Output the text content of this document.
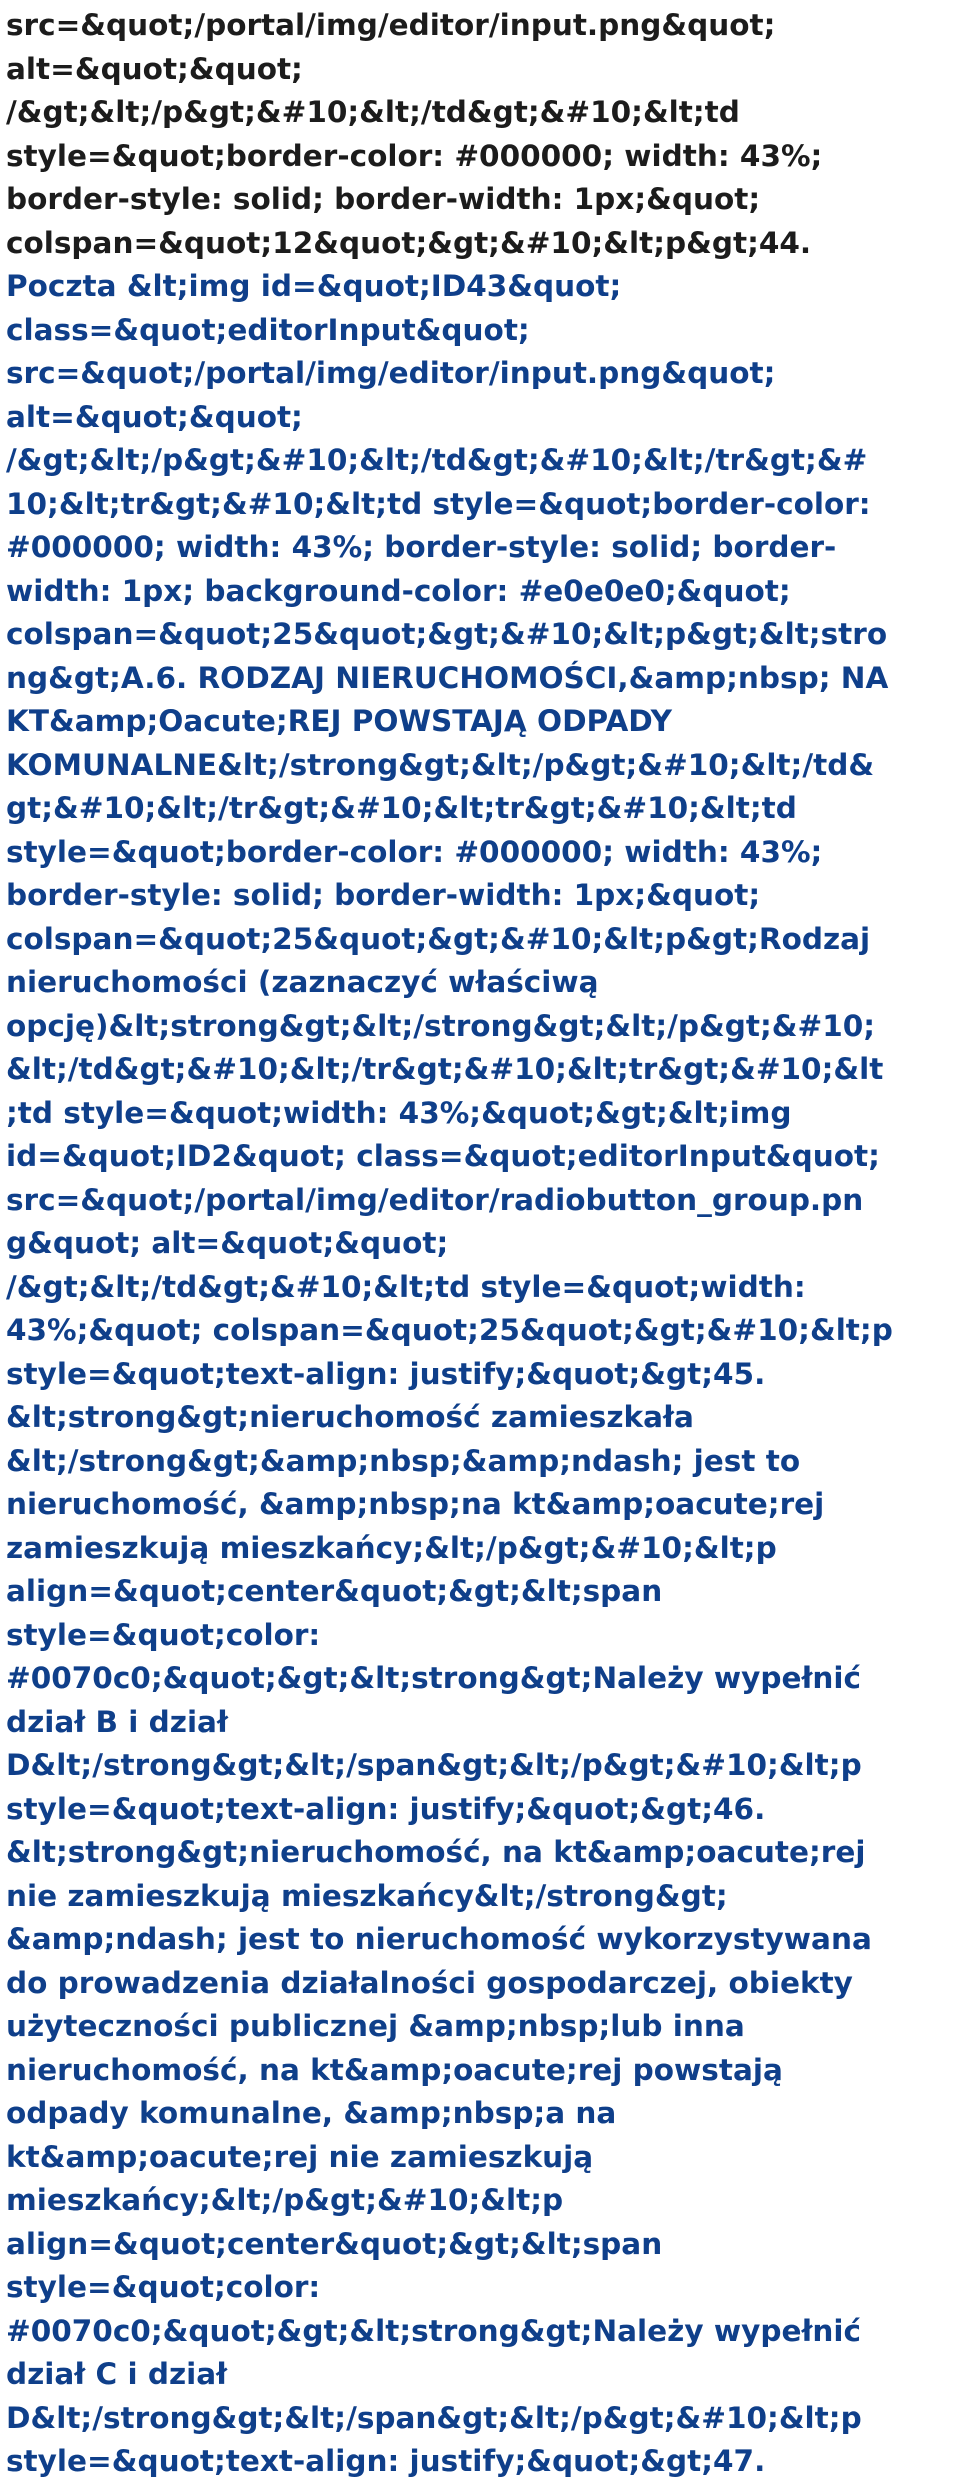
src=&quot;/portal/img/editor/input.png&quot;
alt=&quot;&quot;
/&gt;&lt;/p&gt;&#10;&lt;/td&gt;&#10;&lt;td
style=&quot;border-color: #000000; width: 43%;
border-style: solid; border-width: 1px;&quot;
colspan=&quot;12&quot;&gt;&#10;&lt;p&gt;44.
Poczta &lt;img id=&quot;ID43&quot;
class=&quot;editorInput&quot;
src=&quot;/portal/img/editor/input.png&quot;
alt=&quot;&quot;
/&gt;&lt;/p&gt;&#10;&lt;/td&gt;&#10;&lt;/tr&gt;&#
10;&lt;tr&gt;&#10;&lt;td style=&quot;border-color:
#000000; width: 43%; border-style: solid; border-
width: 1px; background-color: #e0e0e0;&quot;
colspan=&quot;25&quot;&gt;&#10;&lt;p&gt;&lt;stro
ng&gt;A.6. RODZAJ NIERUCHOMOŚCI,&amp;nbsp; NA
KT&amp;Oacute;REJ POWSTAJĄ ODPADY
KOMUNALNE&lt;/strong&gt;&lt;/p&gt;&#10;&lt;/td&
gt;&#10;&lt;/tr&gt;&#10;&lt;tr&gt;&#10;&lt;td
style=&quot;border-color: #000000; width: 43%;
border-style: solid; border-width: 1px;&quot;
colspan=&quot;25&quot;&gt;&#10;&lt;p&gt;Rodzaj
nieruchomości (zaznaczyć właściwą
opcję)&lt;strong&gt;&lt;/strong&gt;&lt;/p&gt;&#10;
&lt;/td&gt;&#10;&lt;/tr&gt;&#10;&lt;tr&gt;&#10;&lt
;td style=&quot;width: 43%;&quot;&gt;&lt;img
id=&quot;ID2&quot; class=&quot;editorInput&quot;
src=&quot;/portal/img/editor/radiobutton_group.pn
g&quot; alt=&quot;&quot;
/&gt;&lt;/td&gt;&#10;&lt;td style=&quot;width:
43%;&quot; colspan=&quot;25&quot;&gt;&#10;&lt;p
style=&quot;text-align: justify;&quot;&gt;45.
&lt;strong&gt;nieruchomość zamieszkała
&lt;/strong&gt;&amp;nbsp;&amp;ndash; jest to
nieruchomość, &amp;nbsp;na kt&amp;oacute;rej
zamieszkują mieszkańcy;&lt;/p&gt;&#10;&lt;p
align=&quot;center&quot;&gt;&lt;span
style=&quot;color:
#0070c0;&quot;&gt;&lt;strong&gt;Należy wypełnić
dział B i dział
D&lt;/strong&gt;&lt;/span&gt;&lt;/p&gt;&#10;&lt;p
style=&quot;text-align: justify;&quot;&gt;46.
&lt;strong&gt;nieruchomość, na kt&amp;oacute;rej
nie zamieszkują mieszkańcy&lt;/strong&gt;
&amp;ndash; jest to nieruchomość wykorzystywana
do prowadzenia działalności gospodarczej, obiekty
użyteczności publicznej &amp;nbsp;lub inna
nieruchomość, na kt&amp;oacute;rej powstają
odpady komunalne, &amp;nbsp;a na
kt&amp;oacute;rej nie zamieszkują
mieszkańcy;&lt;/p&gt;&#10;&lt;p
align=&quot;center&quot;&gt;&lt;span
style=&quot;color:
#0070c0;&quot;&gt;&lt;strong&gt;Należy wypełnić
dział C i dział
D&lt;/strong&gt;&lt;/span&gt;&lt;/p&gt;&#10;&lt;p
style=&quot;text-align: justify;&quot;&gt;47.
